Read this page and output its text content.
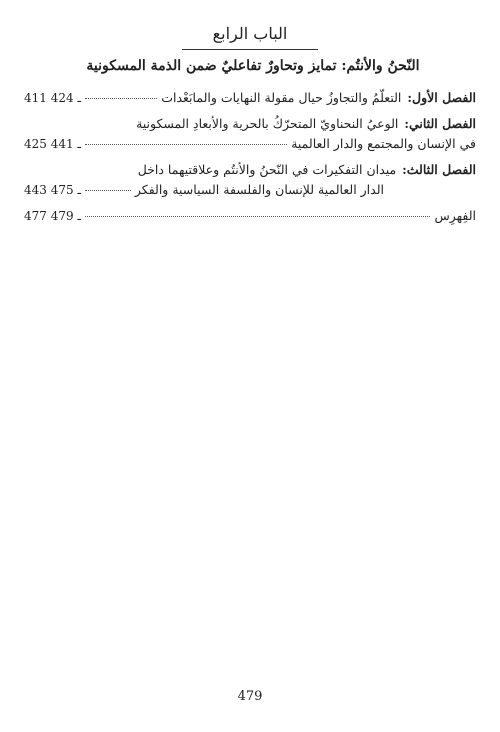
الباب الرابع
النّحنُ والأنتُم: تمايز وتحاورٌ تفاعليٌ ضمن الذمة المسكونية
الفصل الأول:
التعلّمُ والتجاوزُ حيال مقولة النهايات والمابَعْدات
411 ـ 424
الفصل الثاني:
الوعيُ النحناويّ المتحرّكُ بالحرية والأبعادِ المسكونية
في الإنسان والمجتمع والدار العالمية
425 ـ 441
الفصل الثالث:
ميدان التفكيرات في النّحنُ والأنتُم وعلاقتيهما داخل
الدار العالمية للإنسان والفلسفة السياسية والفكر
443 ـ 475
الفِهرِس
477 ـ 479
479
